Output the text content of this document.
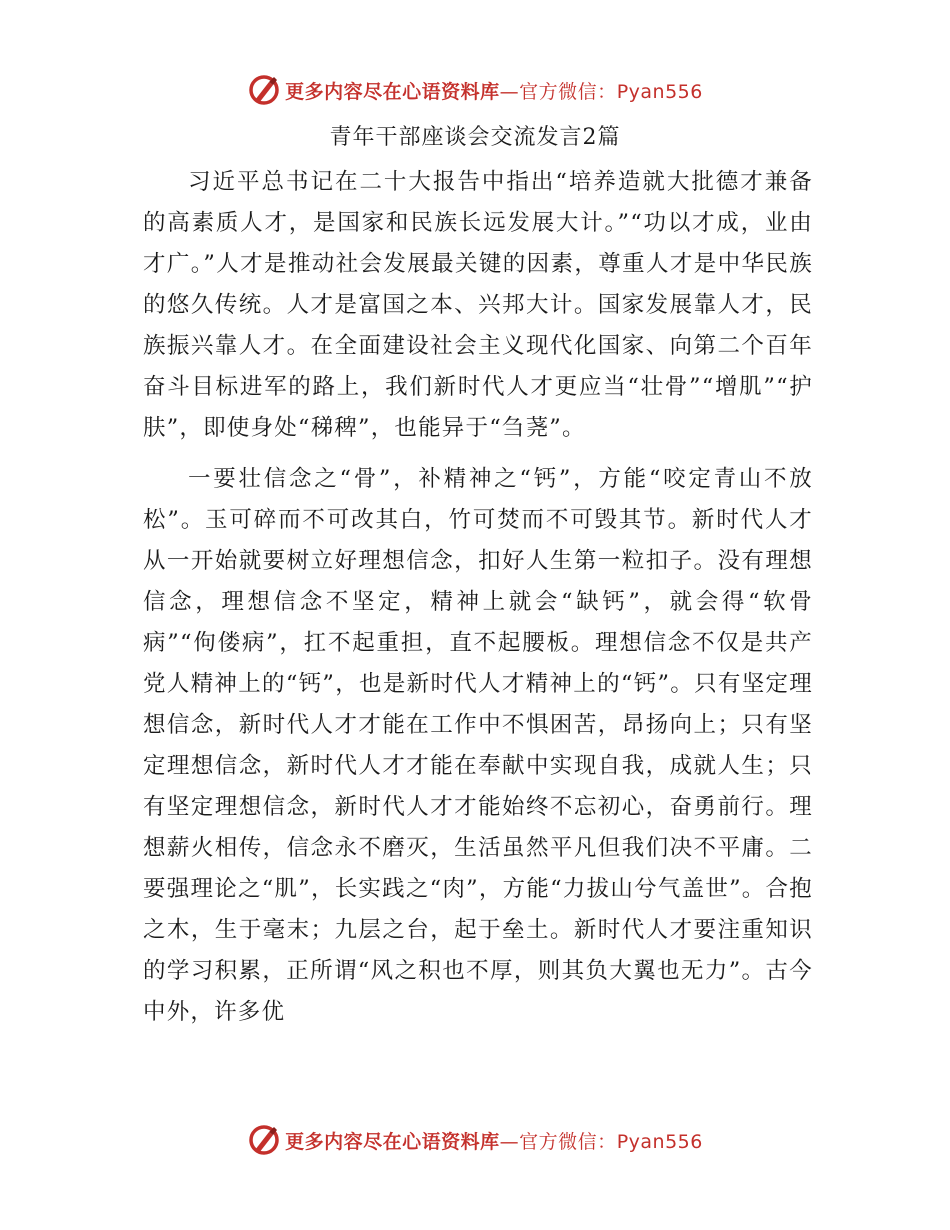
更多内容尽在心语资料库—官方微信：Pyan556
青年干部座谈会交流发言2篇

习近平总书记在二十大报告中指出“培养造就大批德才兼备的高素质人才，是国家和民族长远发展大计。”“功以才成，业由才广。”人才是推动社会发展最关键的因素，尊重人才是中华民族的悠久传统。人才是富国之本、兴邦大计。国家发展靠人才，民族振兴靠人才。在全面建设社会主义现代化国家、向第二个百年奋斗目标进军的路上，我们新时代人才更应当“壮骨”“增肌”“护肤”，即使身处“稊稗”，也能异于“刍荛”。

一要壮信念之“骨”，补精神之“钙”，方能“咬定青山不放松”。玉可碎而不可改其白，竹可焚而不可毁其节。新时代人才从一开始就要树立好理想信念，扣好人生第一粒扣子。没有理想信念，理想信念不坚定，精神上就会“缺钙”，就会得“软骨病”“佝偻病”，扛不起重担，直不起腰板。理想信念不仅是共产党人精神上的“钙”，也是新时代人才精神上的“钙”。只有坚定理想信念，新时代人才才能在工作中不惧困苦，昂扬向上；只有坚定理想信念，新时代人才才能在奉献中实现自我，成就人生；只有坚定理想信念，新时代人才才能始终不忘初心，奋勇前行。理想薪火相传，信念永不磨灭，生活虽然平凡但我们决不平庸。二要强理论之“肌”，长实践之“肉”，方能“力拔山兮气盖世”。合抱之木，生于毫末；九层之台，起于垒土。新时代人才要注重知识的学习积累，正所谓“风之积也不厚，则其负大翼也无力”。古今中外，许多优

更多内容尽在心语资料库—官方微信：Pyan556
